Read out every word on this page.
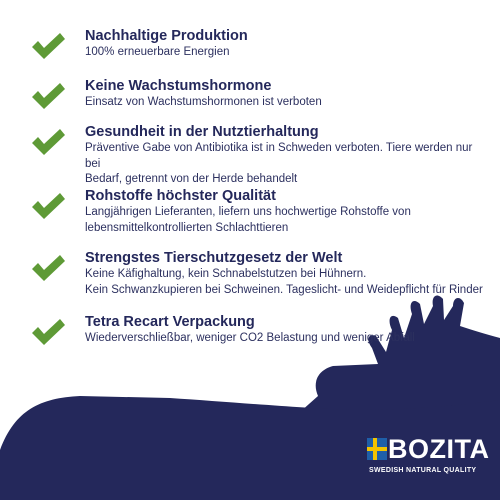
Nachhaltige Produktion
100% erneuerbare Energien
Keine Wachstumshormone
Einsatz von Wachstumshormonen ist verboten
Gesundheit in der Nutztierhaltung
Präventive Gabe von Antibiotika ist in Schweden verboten. Tiere werden nur bei
Bedarf, getrennt von der Herde behandelt
Rohstoffe höchster Qualität
Langjährigen Lieferanten, liefern uns hochwertige Rohstoffe von
lebensmittelkontrollierten Schlachttieren
Strengstes Tierschutzgesetz der Welt
Keine Käfighaltung, kein Schnabelstutzen bei Hühnern.
Kein Schwanzkupieren bei Schweinen. Tageslicht- und Weidepflicht für Rinder
Tetra Recart Verpackung
Wiederverschließbar, weniger CO2 Belastung und weniger Abfall
BOZITA
SWEDISH NATURAL QUALITY
